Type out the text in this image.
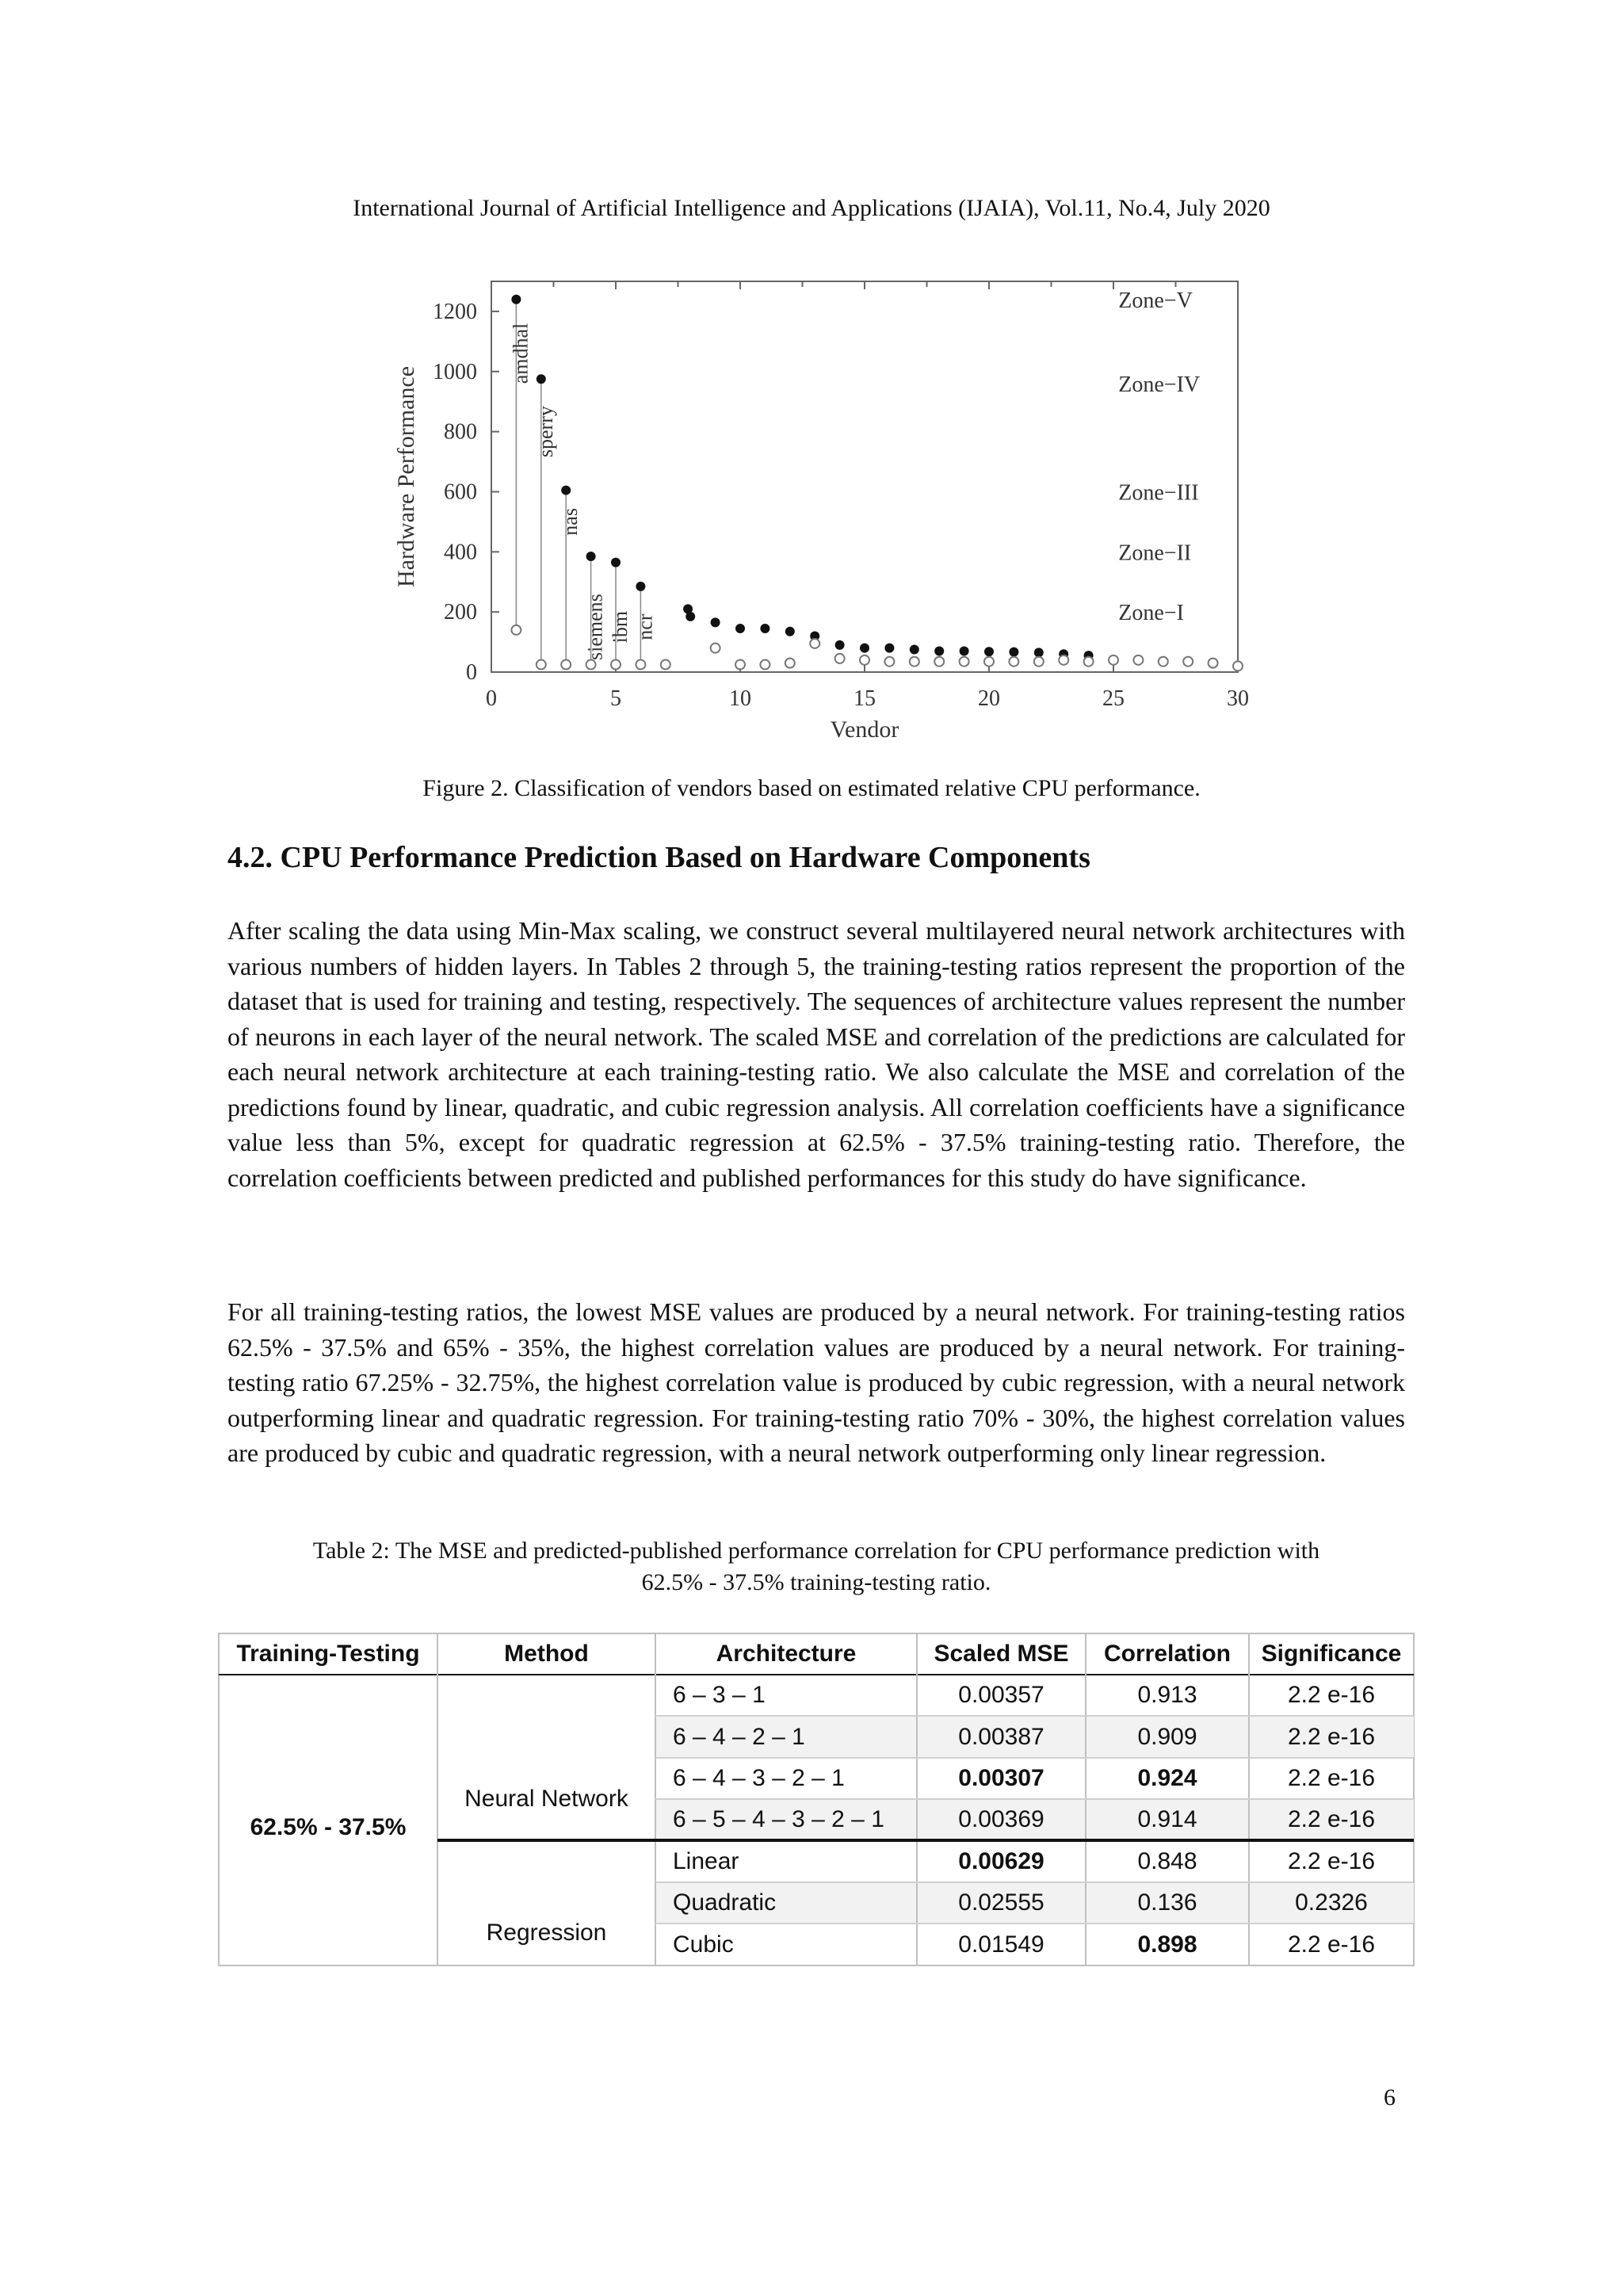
International Journal of Artificial Intelligence and Applications (IJAIA), Vol.11, No.4, July 2020
0	5	10	15	20	25	30
0
200
400
600
800
1000
1200
Vendor
Hardware Performance
Zone−V
Zone−IV
Zone−III
Zone−II
Zone−I
amdhal
sperry
nas
siemens ibm ncr
Figure 2. Classification of vendors based on estimated relative CPU performance.
4.2. CPU Performance Prediction Based on Hardware Components
After scaling the data using Min-Max scaling, we construct several multilayered neural network architectures with various numbers of hidden layers. In Tables 2 through 5, the training-testing ratios represent the proportion of the dataset that is used for training and testing, respectively. The sequences of architecture values represent the number of neurons in each layer of the neural network. The scaled MSE and correlation of the predictions are calculated for each neural network architecture at each training-testing ratio. We also calculate the MSE and correlation of the predictions found by linear, quadratic, and cubic regression analysis. All correlation coefficients have a significance value less than 5%, except for quadratic regression at 62.5% - 37.5% training-testing ratio. Therefore, the correlation coefficients between predicted and published performances for this study do have significance.
For all training-testing ratios, the lowest MSE values are produced by a neural network. For training-testing ratios 62.5% - 37.5% and 65% - 35%, the highest correlation values are produced by a neural network. For training-testing ratio 67.25% - 32.75%, the highest correlation value is produced by cubic regression, with a neural network outperforming linear and quadratic regression. For training-testing ratio 70% - 30%, the highest correlation values are produced by cubic and quadratic regression, with a neural network outperforming only linear regression.
Table 2: The MSE and predicted-published performance correlation for CPU performance prediction with
62.5% - 37.5% training-testing ratio.
Training-Testing	Method	Architecture	Scaled MSE	Correlation	Significance
62.5% - 37.5%
Neural Network
Regression
6 – 3 – 1	0.00357	0.913	2.2 e-16
6 – 4 – 2 – 1	0.00387	0.909	2.2 e-16
6 – 4 – 3 – 2 – 1	0.00307	0.924	2.2 e-16
6 – 5 – 4 – 3 – 2 – 1	0.00369	0.914	2.2 e-16
Linear	0.00629	0.848	2.2 e-16
Quadratic	0.02555	0.136	0.2326
Cubic	0.01549	0.898	2.2 e-16
6
